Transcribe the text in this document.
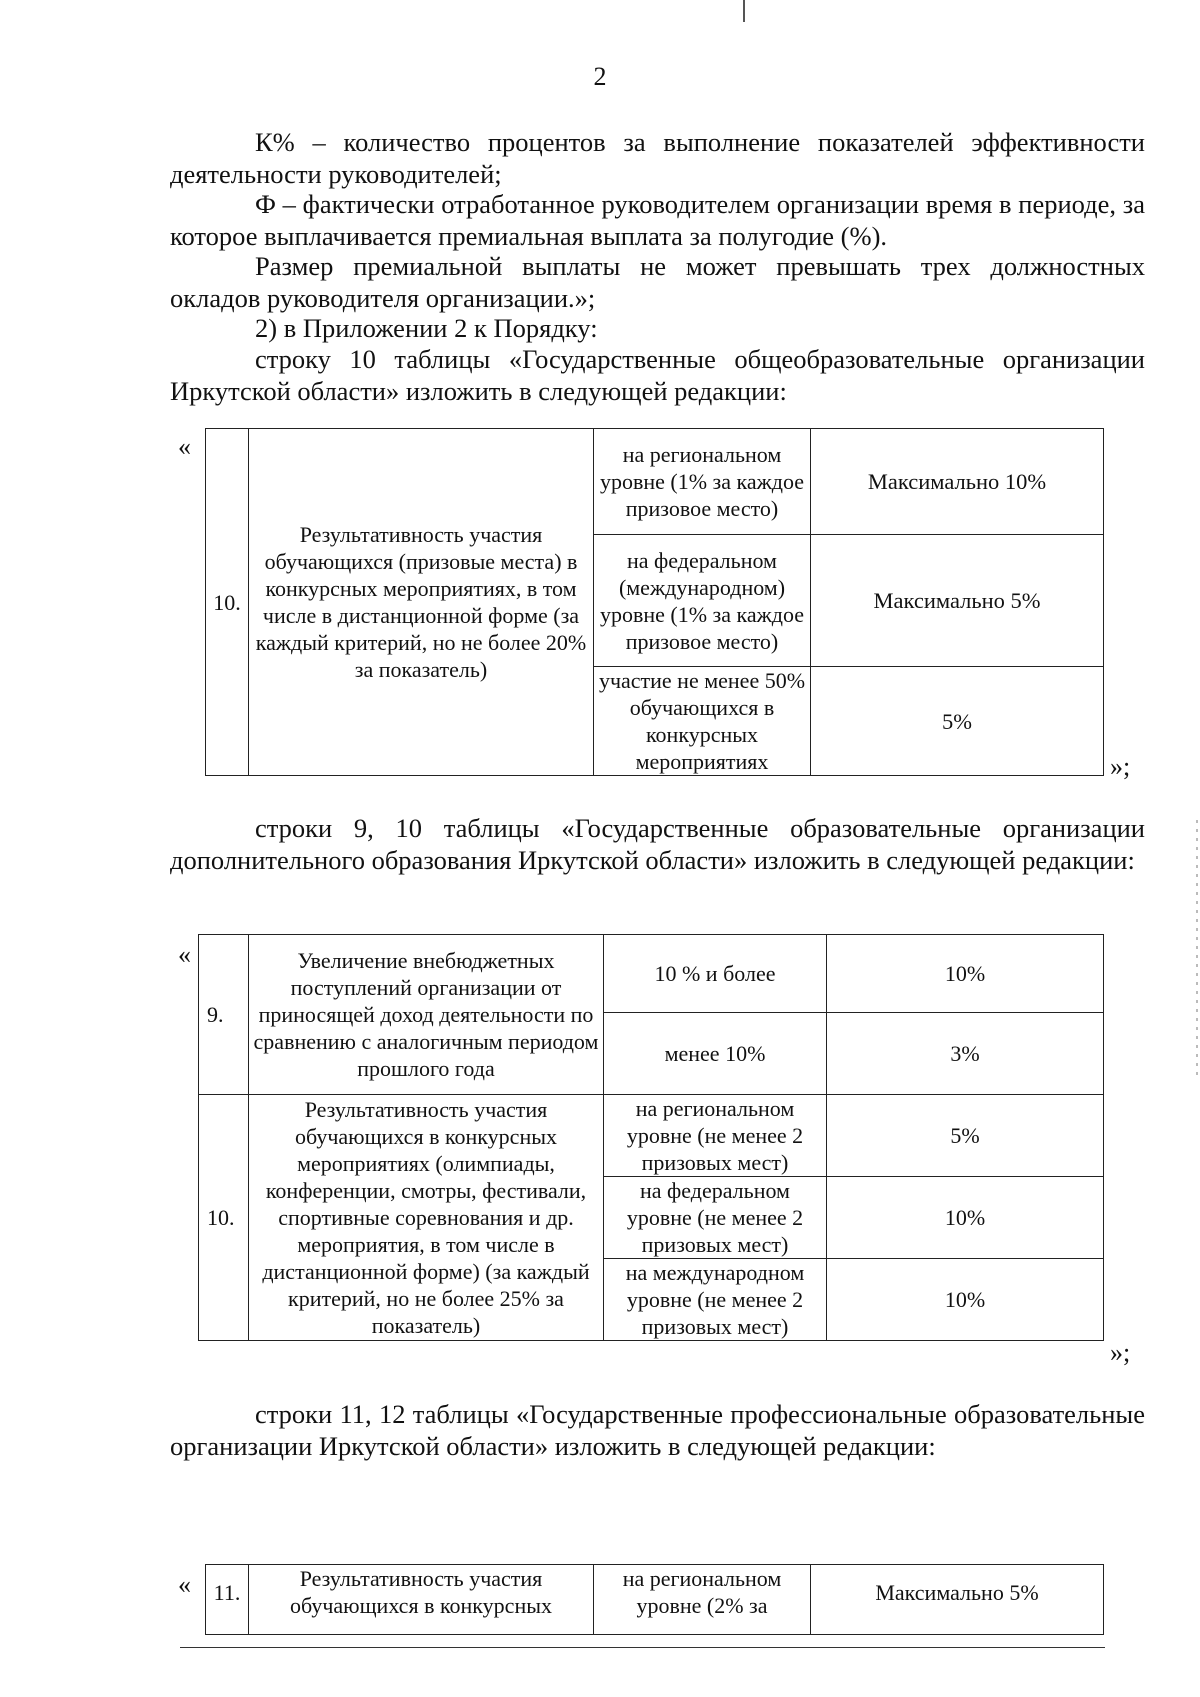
2
К% – количество процентов за выполнение показателей эффективности деятельности руководителей;
Ф – фактически отработанное руководителем организации время в периоде, за которое выплачивается премиальная выплата за полугодие (%).
Размер премиальной выплаты не может превышать трех должностных окладов руководителя организации.»;
2) в Приложении 2 к Порядку:
строку 10 таблицы «Государственные общеобразовательные организации Иркутской области» изложить в следующей редакции:
«
10.	Результативность участия обучающихся (призовые места) в конкурсных мероприятиях, в том числе в дистанционной форме (за каждый критерий, но не более 20% за показатель)	на региональном уровне (1% за каждое призовое место)	Максимально 10%
		на федеральном (международном) уровне (1% за каждое призовое место)	Максимально 5%
		участие не менее 50% обучающихся в конкурсных мероприятиях	5%
»;
строки 9, 10 таблицы «Государственные образовательные организации дополнительного образования Иркутской области» изложить в следующей редакции:
«
9.	Увеличение внебюджетных поступлений организации от приносящей доход деятельности по сравнению с аналогичным периодом прошлого года	10 % и более	10%
		менее 10%	3%
10.	Результативность участия обучающихся в конкурсных мероприятиях (олимпиады, конференции, смотры, фестивали, спортивные соревнования и др. мероприятия, в том числе в дистанционной форме) (за каждый критерий, но не более 25% за показатель)	на региональном уровне (не менее 2 призовых мест)	5%
		на федеральном уровне (не менее 2 призовых мест)	10%
		на международном уровне (не менее 2 призовых мест)	10%
»;
строки 11, 12 таблицы «Государственные профессиональные образовательные организации Иркутской области» изложить в следующей редакции:
« 11.	Результативность участия обучающихся в конкурсных	на региональном уровне (2% за	Максимально 5%
